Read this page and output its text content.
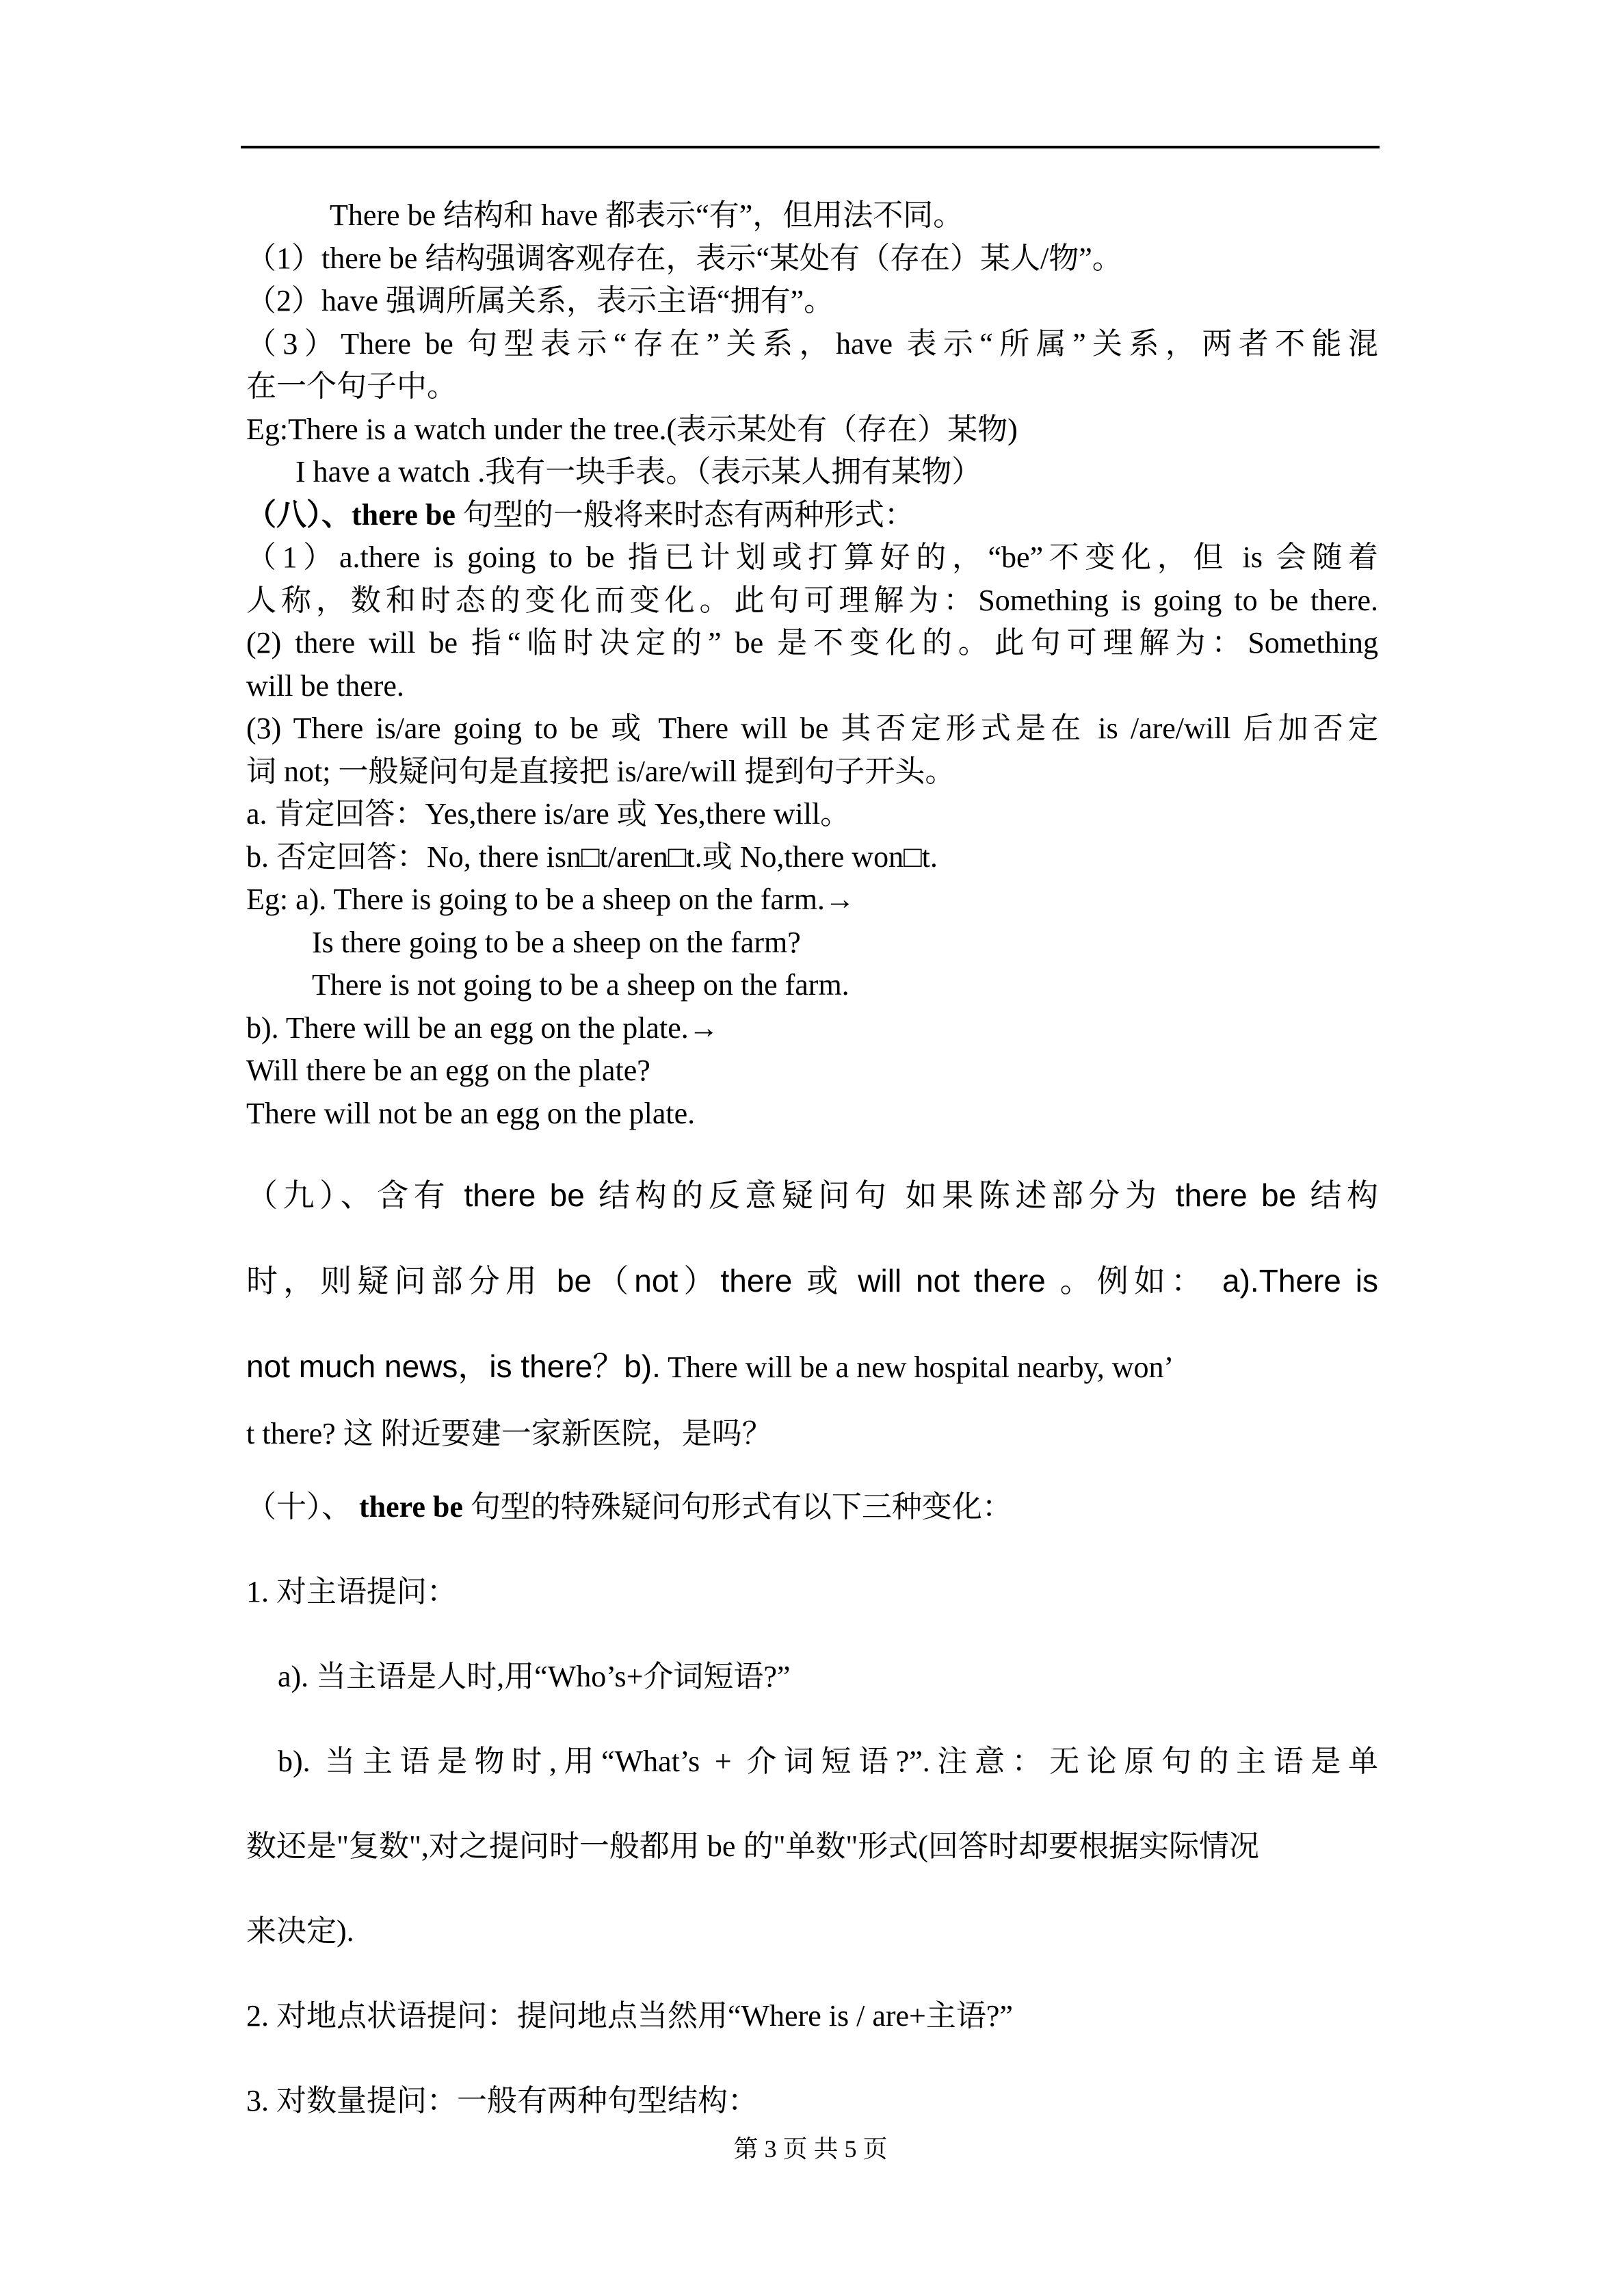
There be 结构和 have 都表示“有”，但用法不同。
（1）there be 结构强调客观存在，表示“某处有（存在）某人/物”。
（2）have 强调所属关系，表示主语“拥有”。
（3）There be 句型表示“存在”关系，have 表示“所属”关系，两者不能混
在一个句子中。
Eg:There is a watch under the tree.(表示某处有（存在）某物)
I have a watch .我有一块手表。（表示某人拥有某物）
（八）、there be 句型的一般将来时态有两种形式：
（1）a.there is going to be 指已计划或打算好的，“be”不变化，但 is 会随着
人称，数和时态的变化而变化。此句可理解为：Something is going to be there.
(2) there will be 指“临时决定的” be 是不变化的。此句可理解为：Something
will be there.
(3) There is/are going to be 或 There will be 其否定形式是在 is /are/will 后加否定
词 not; 一般疑问句是直接把 is/are/will 提到句子开头。
a. 肯定回答：Yes,there is/are 或 Yes,there will。
b. 否定回答：No, there isn□t/aren□t.或 No,there won□t.
Eg: a). There is going to be a sheep on the farm.→
Is there going to be a sheep on the farm?
There is not going to be a sheep on the farm.
b). There will be an egg on the plate.→
Will there be an egg on the plate?
There will not be an egg on the plate.
（九）、含有 there be 结构的反意疑问句 如果陈述部分为 there be 结构
时，则疑问部分用 be（not）there 或 will not there 。例如： a).There is
not much news，is there？b). There will be a new hospital nearby, won’
t there? 这 附近要建一家新医院，是吗？
（十）、 there be 句型的特殊疑问句形式有以下三种变化：
1. 对主语提问：
a). 当主语是人时,用“Who’s+介词短语?”
b). 当主语是物时,用“What’s + 介词短语?”.注意：无论原句的主语是单
数还是"复数",对之提问时一般都用 be 的"单数"形式(回答时却要根据实际情况
来决定).
2. 对地点状语提问：提问地点当然用“Where is / are+主语?”
3. 对数量提问：一般有两种句型结构：
第 3 页 共 5 页
